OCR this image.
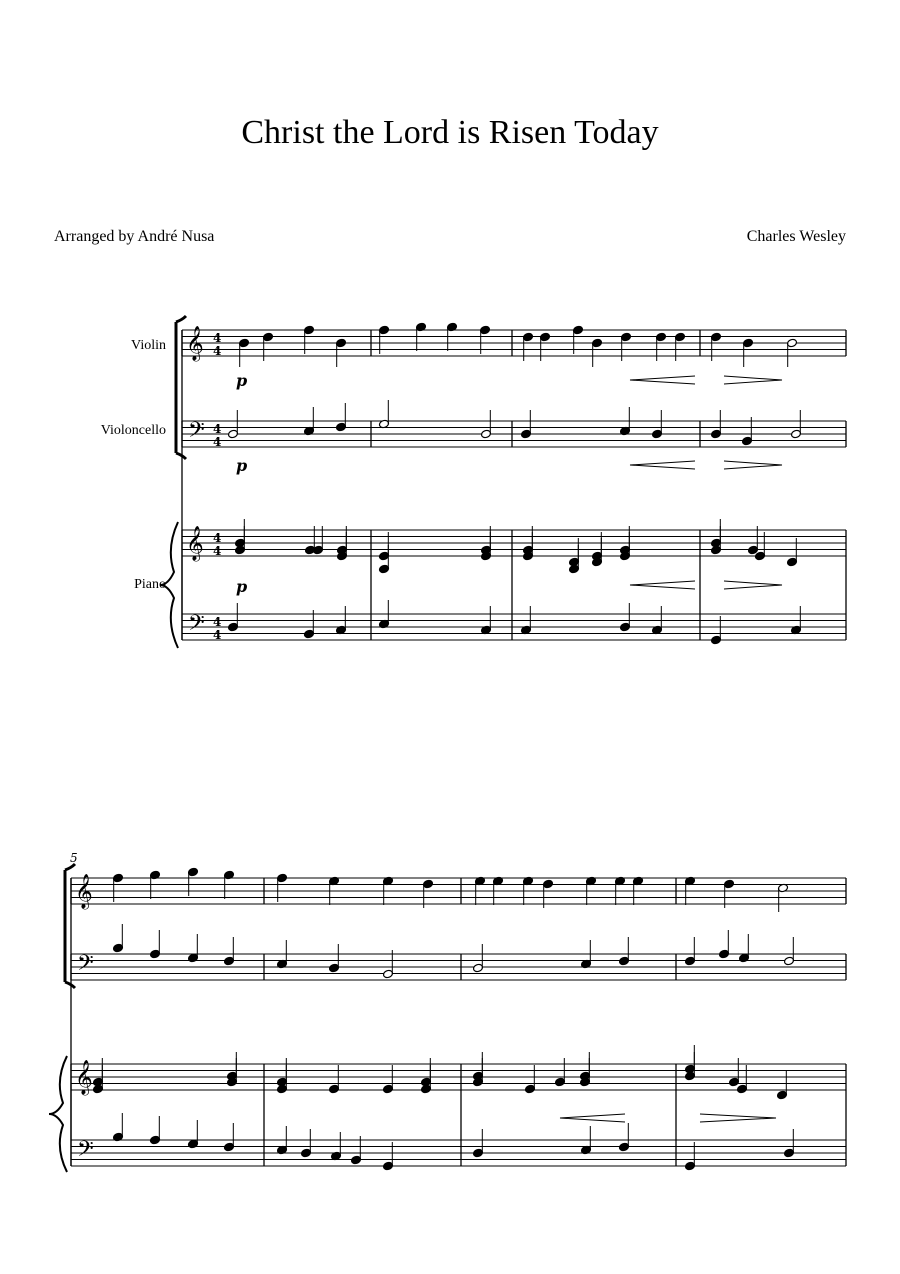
Christ the Lord is Risen Today
Arranged by André Nusa	Charles Wesley
Violin
Violoncello
Piano
𝄞
𝄢
𝄞
𝄢
4
4
4
4
4
4
4
4
p
p
p
𝄞
𝄢
𝄞
𝄢
5
